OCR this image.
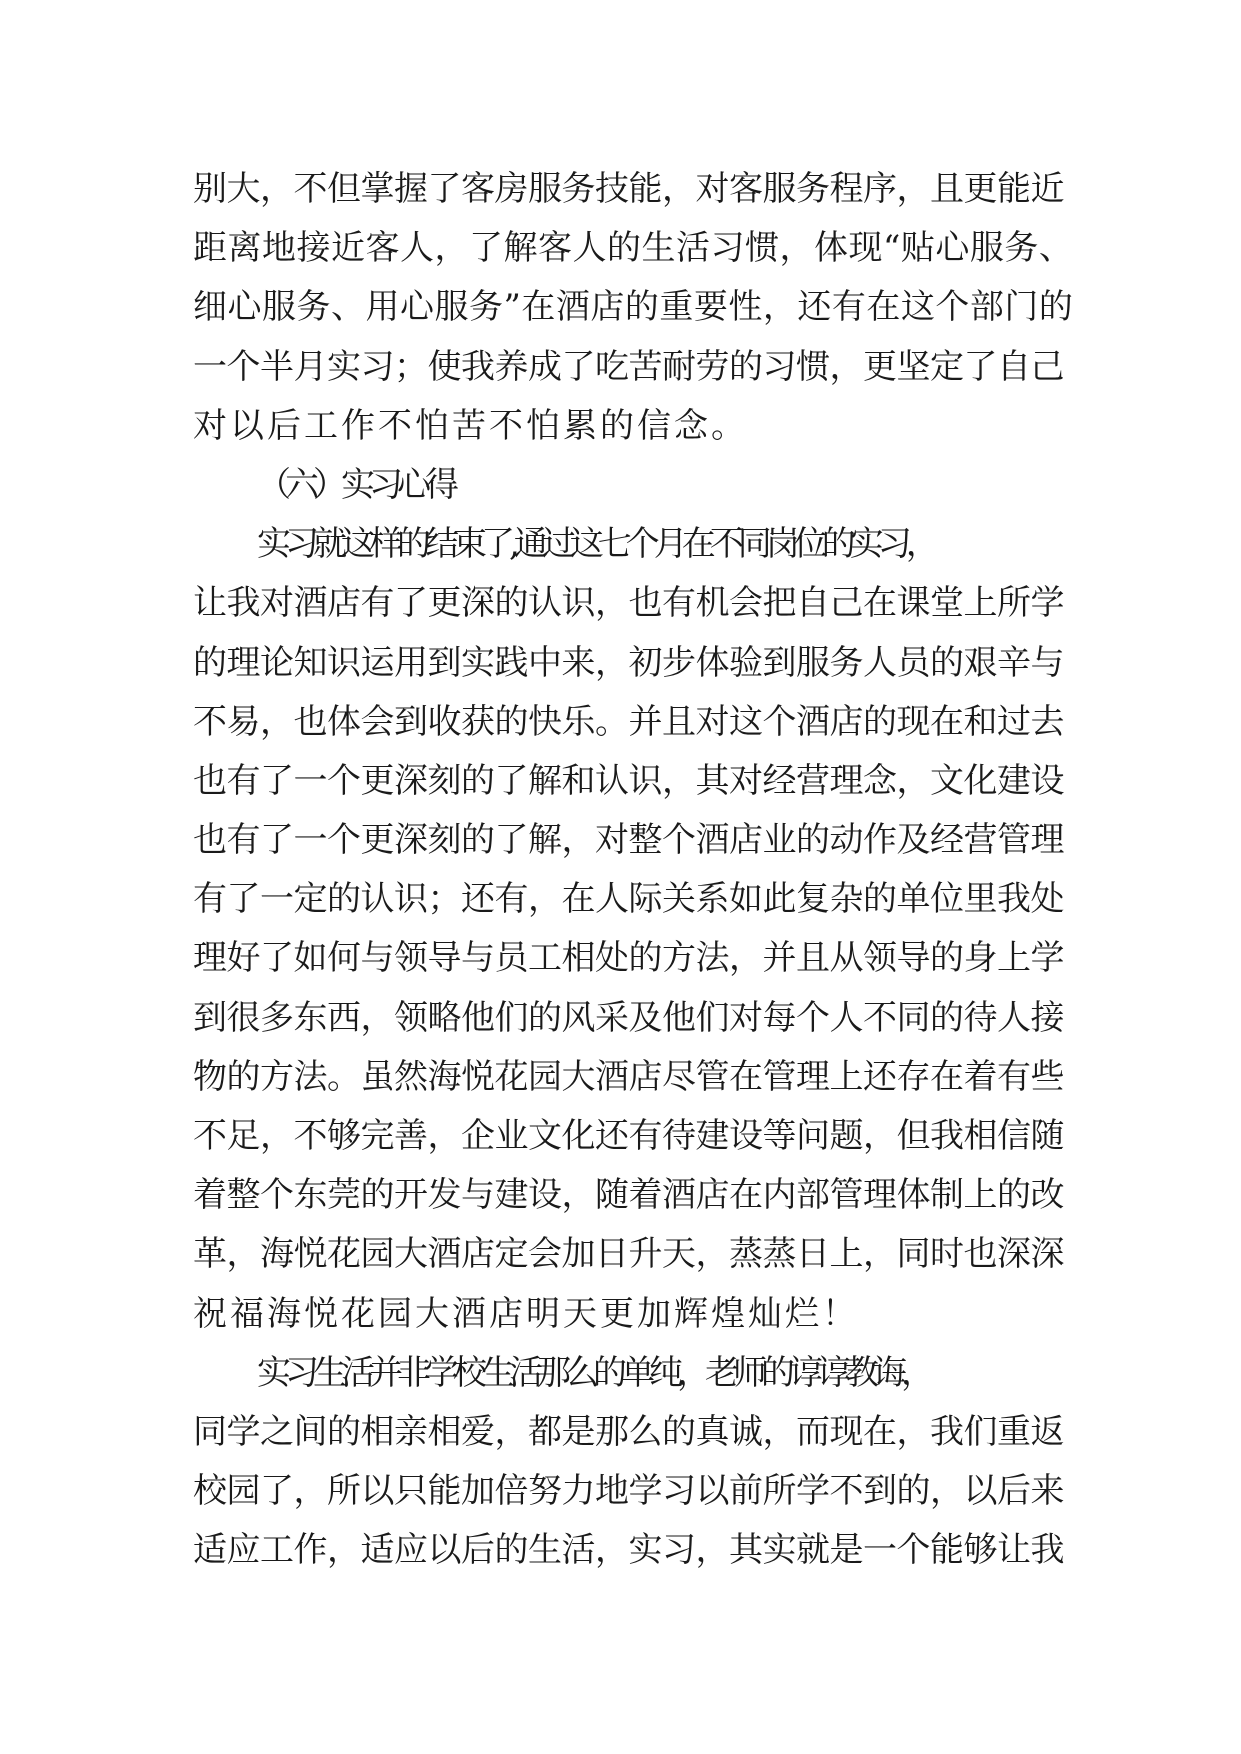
别大，不但掌握了客房服务技能，对客服务程序，且更能近
距离地接近客人，了解客人的生活习惯，体现“贴心服务、
细心服务、用心服务”在酒店的重要性，还有在这个部门的
一个半月实习；使我养成了吃苦耐劳的习惯，更坚定了自己
对以后工作不怕苦不怕累的信念。
（六）实习心得
实习就这样的结束了,通过这七个月在不同岗位的实习，
让我对酒店有了更深的认识，也有机会把自己在课堂上所学
的理论知识运用到实践中来，初步体验到服务人员的艰辛与
不易，也体会到收获的快乐。并且对这个酒店的现在和过去
也有了一个更深刻的了解和认识，其对经营理念，文化建设
也有了一个更深刻的了解，对整个酒店业的动作及经营管理
有了一定的认识；还有，在人际关系如此复杂的单位里我处
理好了如何与领导与员工相处的方法，并且从领导的身上学
到很多东西，领略他们的风采及他们对每个人不同的待人接
物的方法。虽然海悦花园大酒店尽管在管理上还存在着有些
不足，不够完善，企业文化还有待建设等问题，但我相信随
着整个东莞的开发与建设，随着酒店在内部管理体制上的改
革，海悦花园大酒店定会加日升天，蒸蒸日上，同时也深深
祝福海悦花园大酒店明天更加辉煌灿烂！
实习生活并非学校生活那么的单纯，老师的谆谆教诲，
同学之间的相亲相爱，都是那么的真诚，而现在，我们重返
校园了，所以只能加倍努力地学习以前所学不到的，以后来
适应工作，适应以后的生活，实习，其实就是一个能够让我
